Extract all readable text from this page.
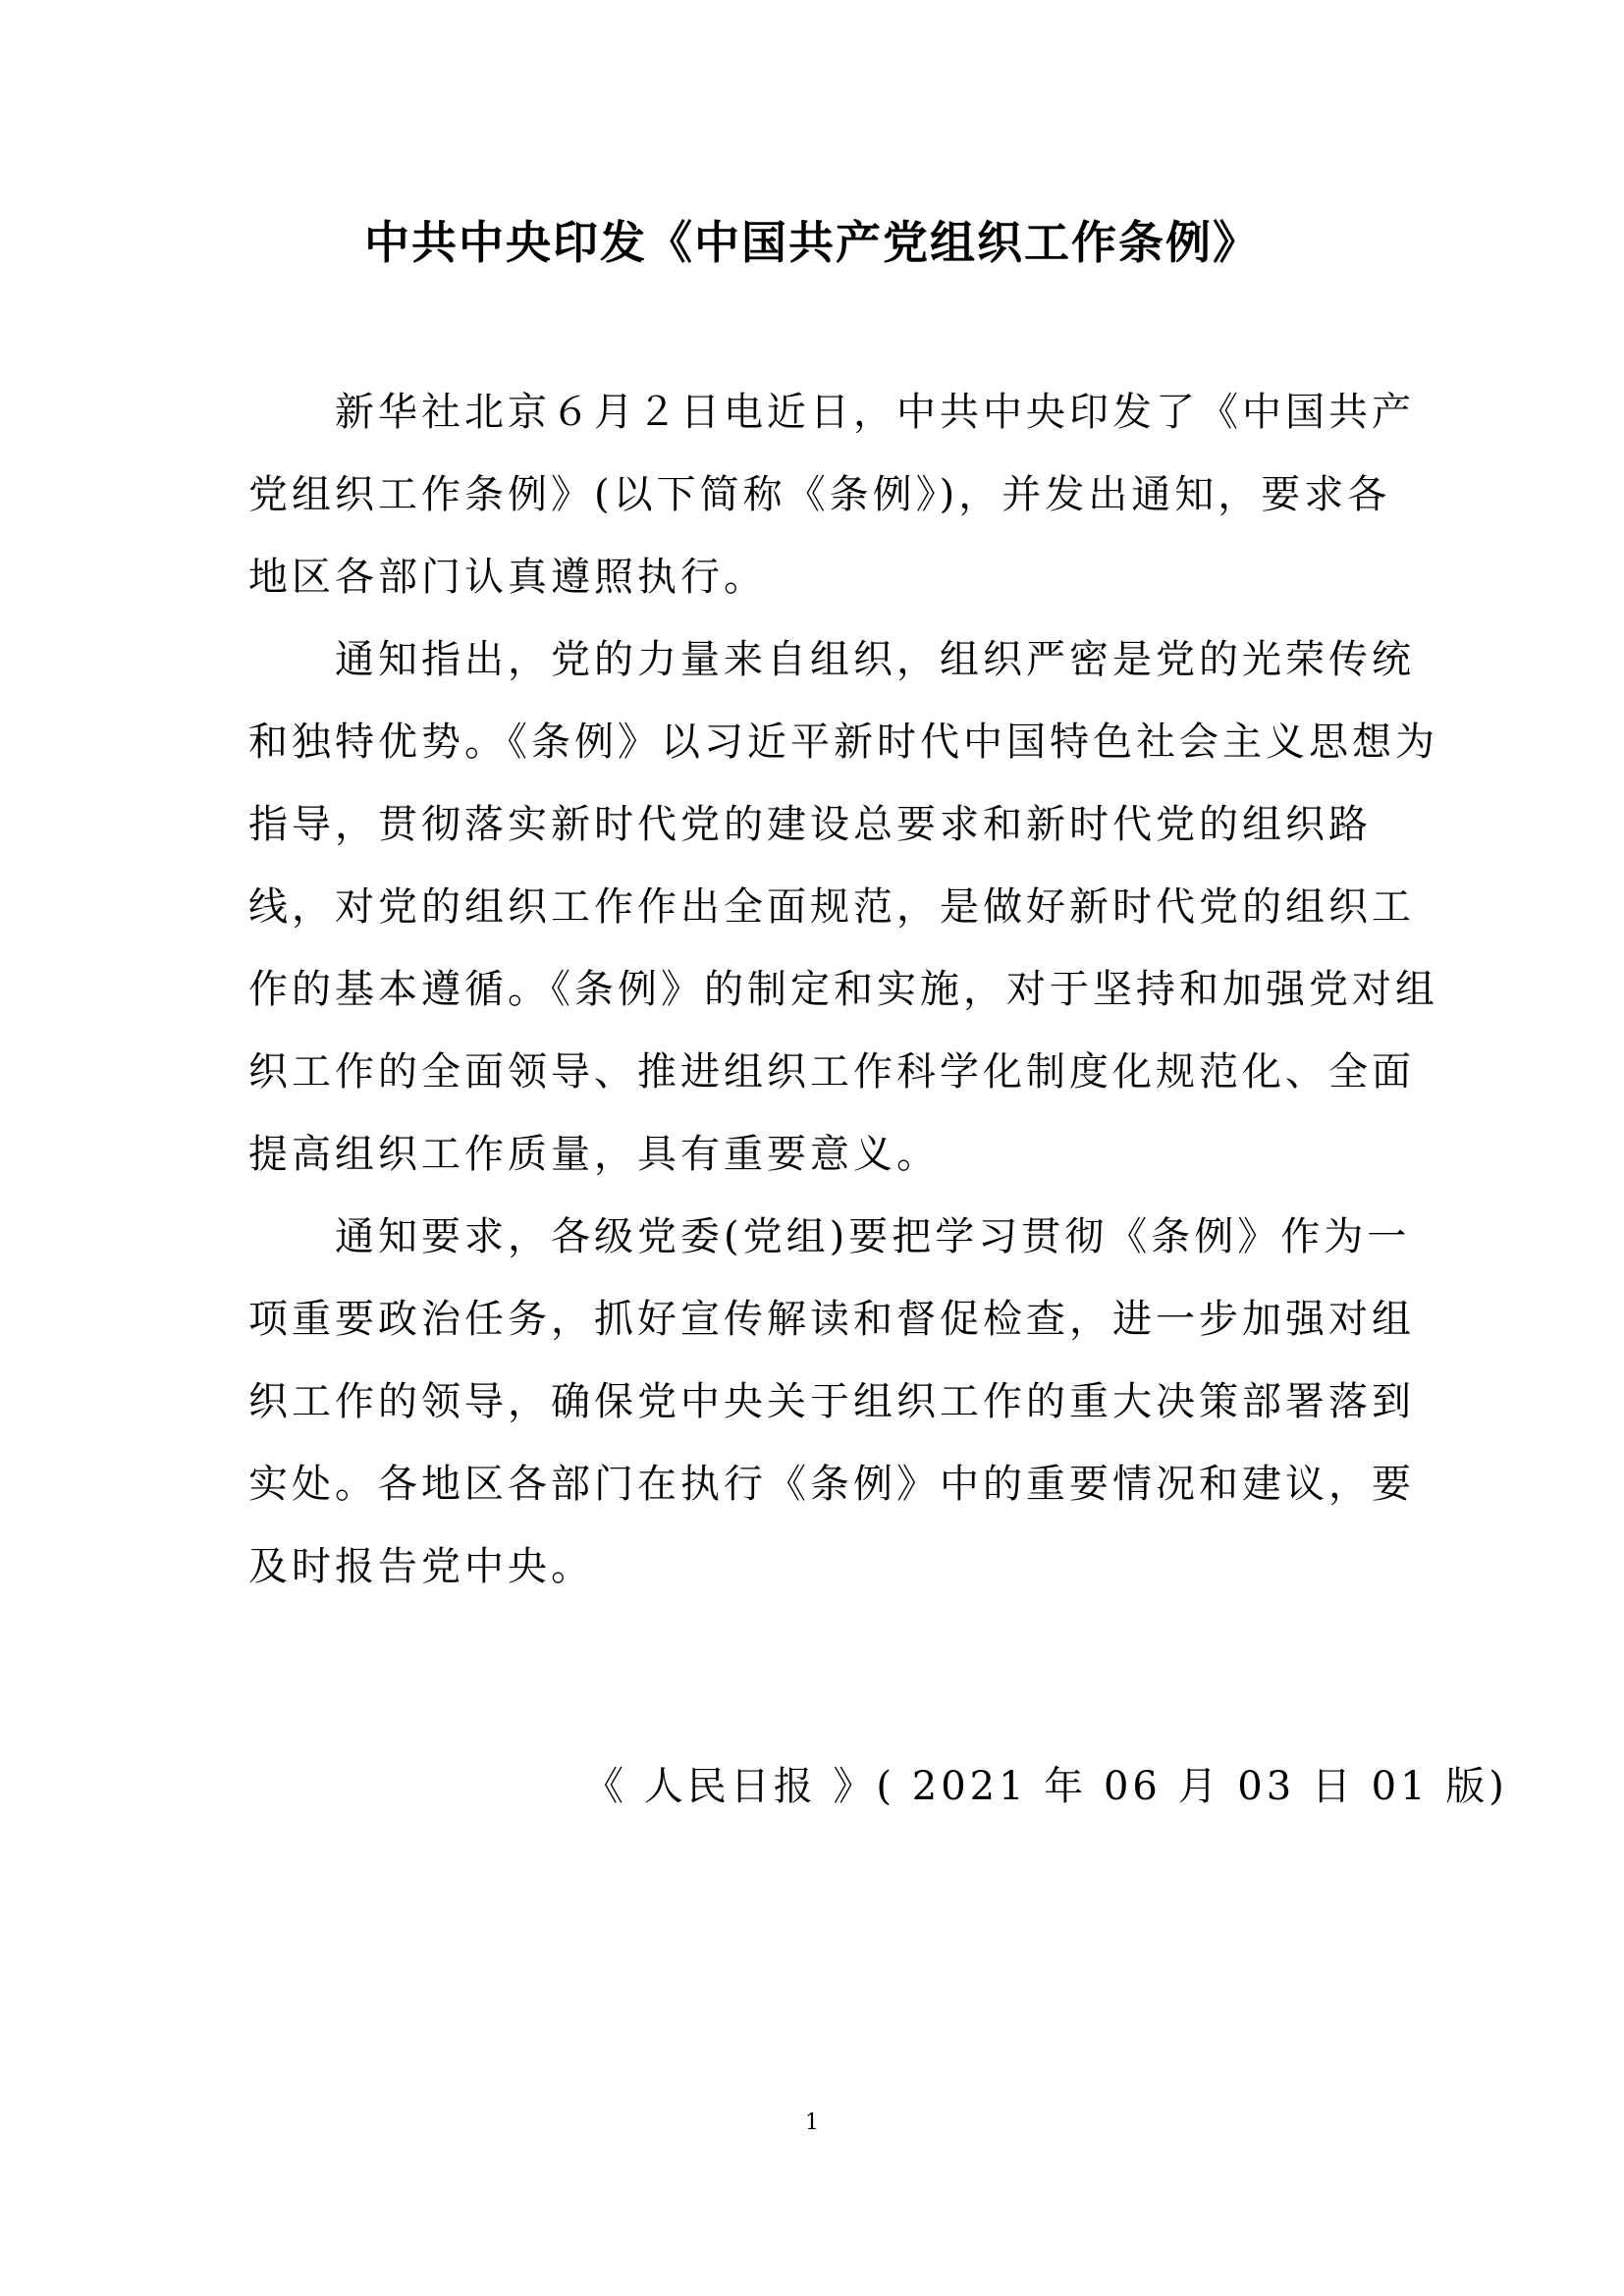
中共中央印发《中国共产党组织工作条例》
　　新华社北京６月２日电近日，中共中央印发了《中国共产
党组织工作条例》(以下简称《条例》)，并发出通知，要求各
地区各部门认真遵照执行。
　　通知指出，党的力量来自组织，组织严密是党的光荣传统
和独特优势。《条例》以习近平新时代中国特色社会主义思想为
指导，贯彻落实新时代党的建设总要求和新时代党的组织路
线，对党的组织工作作出全面规范，是做好新时代党的组织工
作的基本遵循。《条例》的制定和实施，对于坚持和加强党对组
织工作的全面领导、推进组织工作科学化制度化规范化、全面
提高组织工作质量，具有重要意义。
　　通知要求，各级党委(党组)要把学习贯彻《条例》作为一
项重要政治任务，抓好宣传解读和督促检查，进一步加强对组
织工作的领导，确保党中央关于组织工作的重大决策部署落到
实处。各地区各部门在执行《条例》中的重要情况和建议，要
及时报告党中央。
《 人民日报 》( 2021 年 06 月 03 日 01 版)
1
